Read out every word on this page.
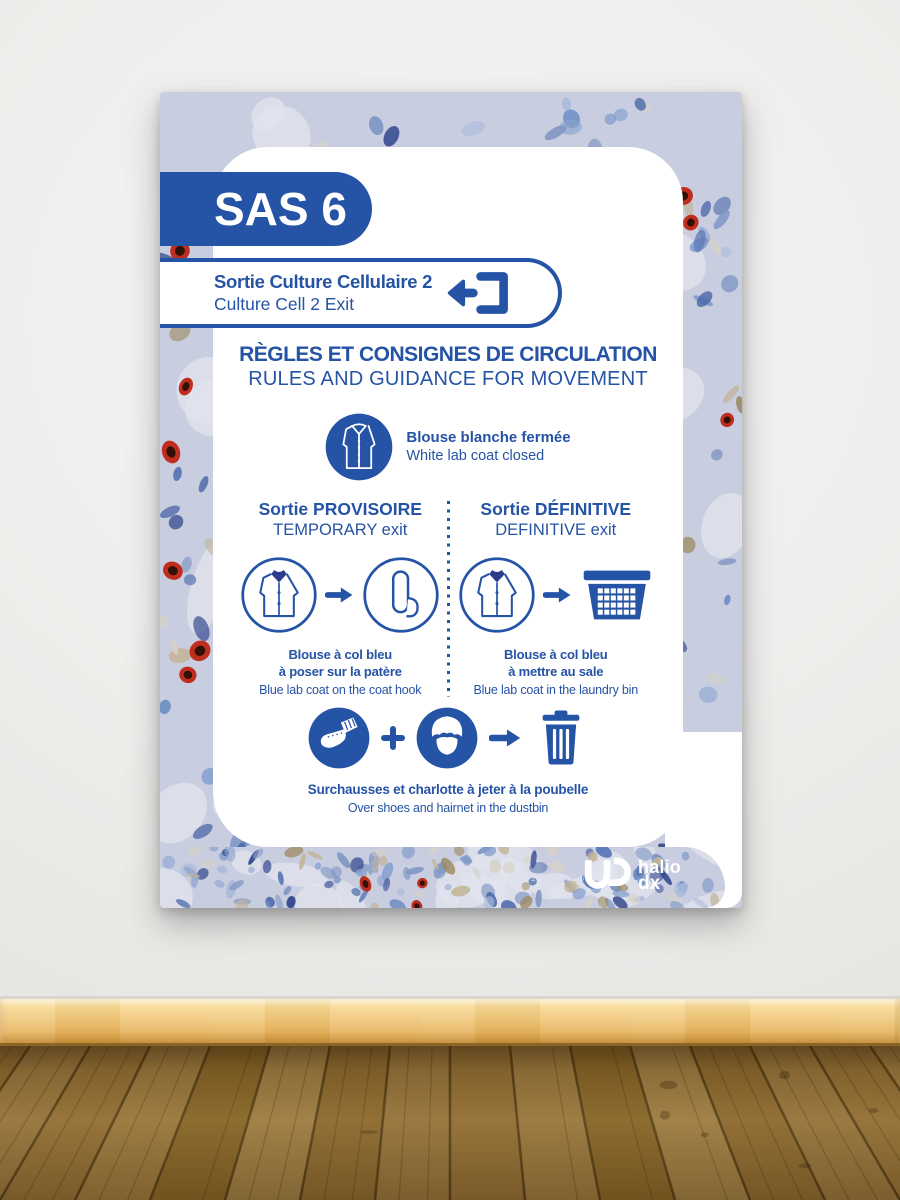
SAS 6
Sortie Culture Cellulaire 2
Culture Cell 2 Exit
RÈGLES ET CONSIGNES DE CIRCULATION
RULES AND GUIDANCE FOR MOVEMENT
Blouse blanche fermée
White lab coat closed
Sortie PROVISOIRE
TEMPORARY exit
Blouse à col bleu
à poser sur la patère
Blue lab coat on the coat hook
Sortie DÉFINITIVE
DEFINITIVE exit
Blouse à col bleu
à mettre au sale
Blue lab coat in the laundry bin
Surchausses et charlotte à jeter à la poubelle
Over shoes and hairnet in the dustbin
INS01-001-007 V01
halio
dx
